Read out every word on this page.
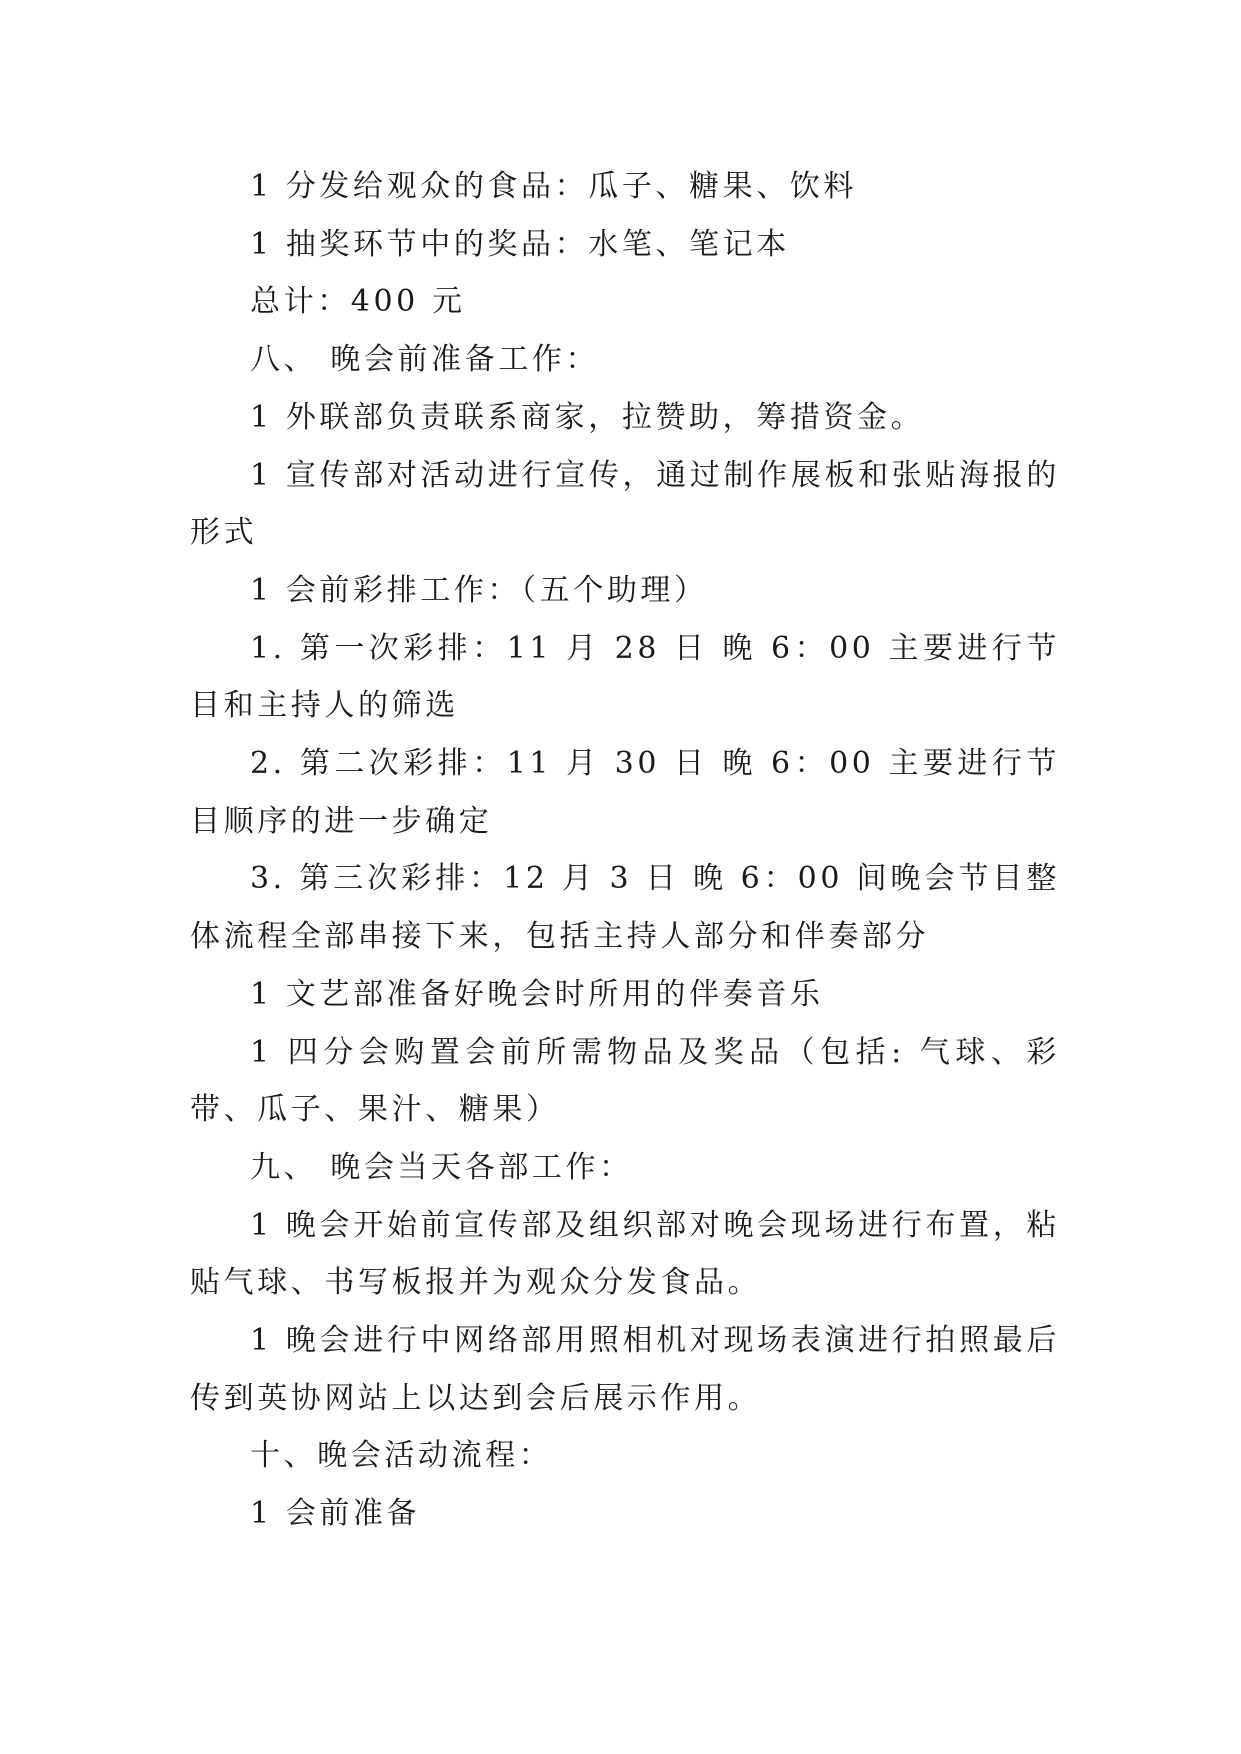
1 分发给观众的食品：瓜子、糖果、饮料

1 抽奖环节中的奖品：水笔、笔记本

总计：400 元

八、 晚会前准备工作：

1 外联部负责联系商家，拉赞助，筹措资金。

1 宣传部对活动进行宣传，通过制作展板和张贴海报的形式

1 会前彩排工作：（五个助理）

1. 第一次彩排：11 月 28 日 晚 6：00 主要进行节目和主持人的筛选

2. 第二次彩排：11 月 30 日 晚 6：00 主要进行节目顺序的进一步确定

3. 第三次彩排：12 月 3 日 晚 6：00 间晚会节目整体流程全部串接下来，包括主持人部分和伴奏部分

1 文艺部准备好晚会时所用的伴奏音乐

1 四分会购置会前所需物品及奖品（包括: 气球、彩带、瓜子、果汁、糖果）

九、 晚会当天各部工作：

1 晚会开始前宣传部及组织部对晚会现场进行布置，粘贴气球、书写板报并为观众分发食品。

1 晚会进行中网络部用照相机对现场表演进行拍照最后传到英协网站上以达到会后展示作用。

十、晚会活动流程：

1 会前准备
